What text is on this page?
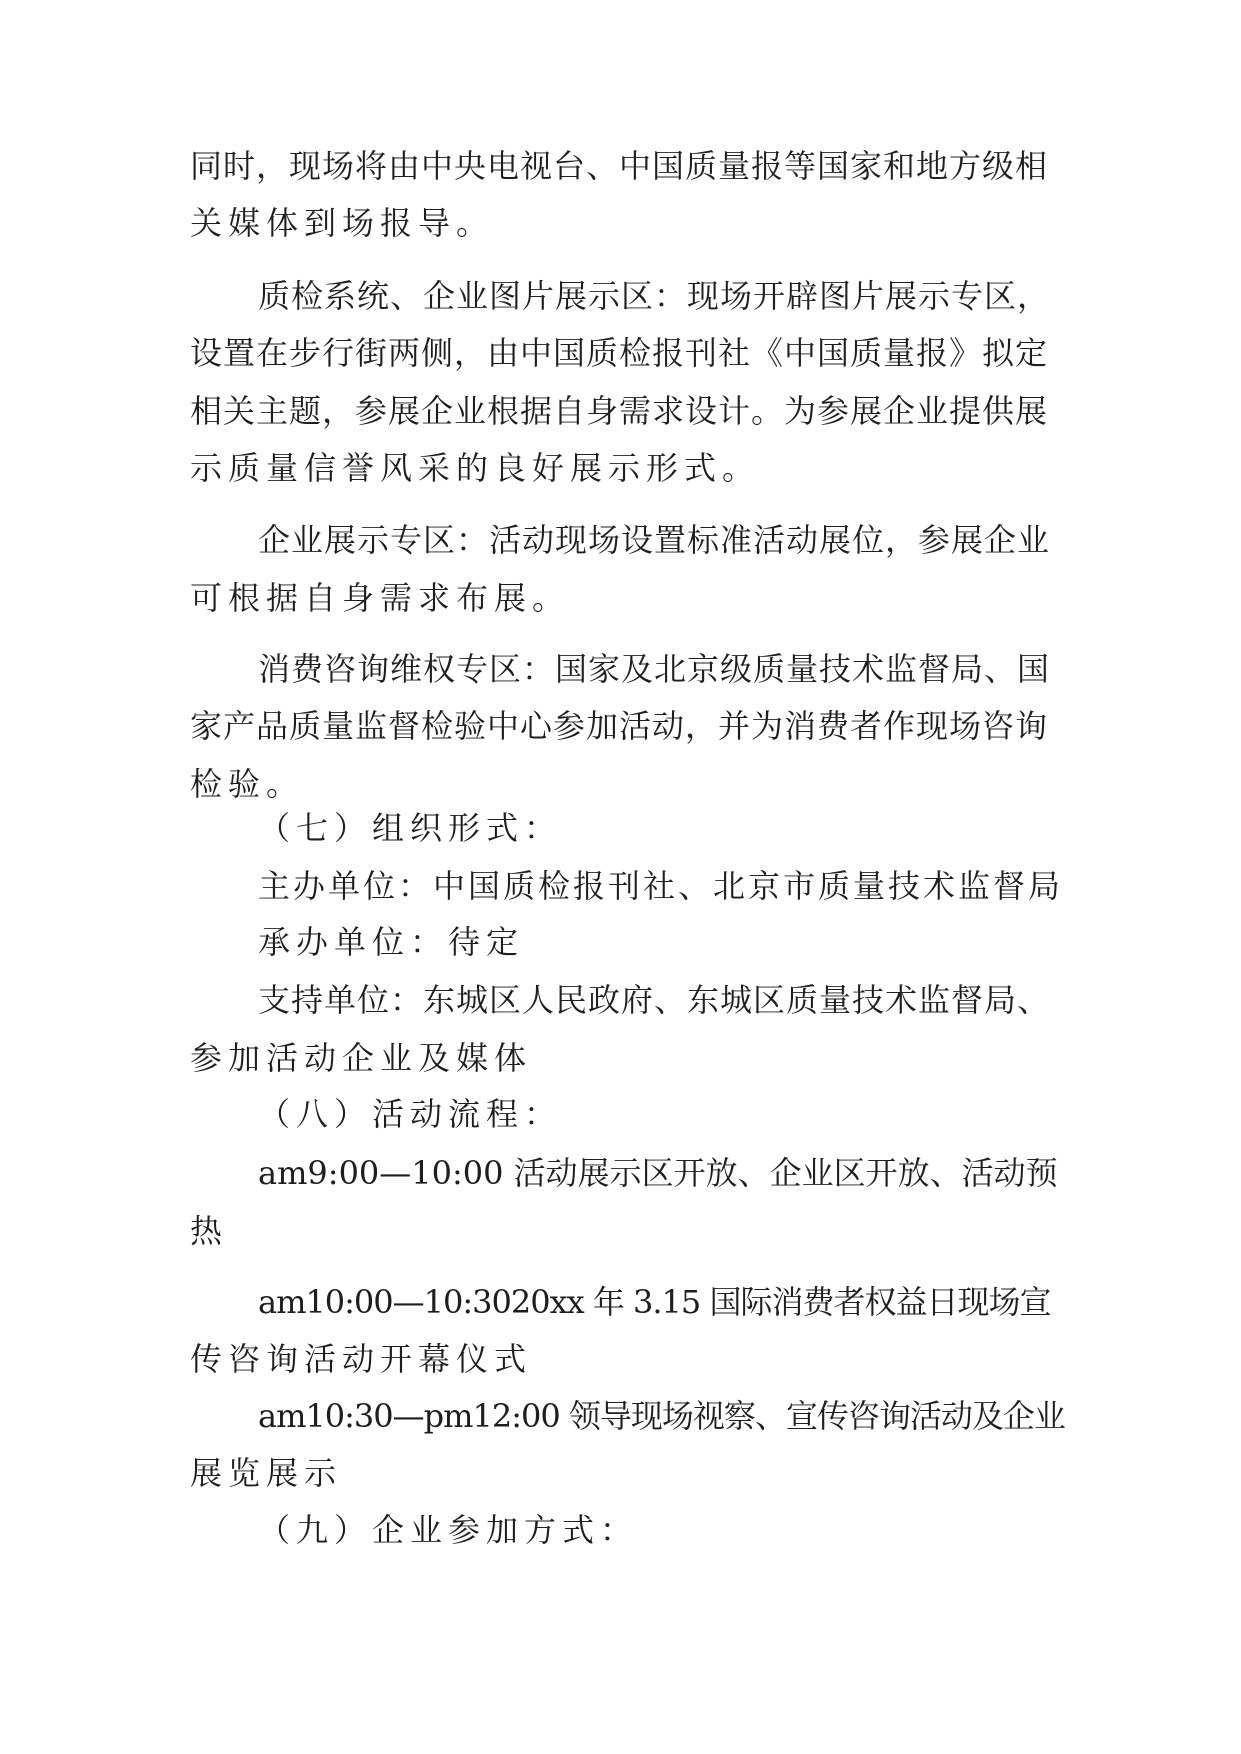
同时，现场将由中央电视台、中国质量报等国家和地方级相
关媒体到场报导。
质检系统、企业图片展示区：现场开辟图片展示专区，
设置在步行街两侧，由中国质检报刊社《中国质量报》拟定
相关主题，参展企业根据自身需求设计。为参展企业提供展
示质量信誉风采的良好展示形式。
企业展示专区：活动现场设置标准活动展位，参展企业
可根据自身需求布展。
消费咨询维权专区：国家及北京级质量技术监督局、国
家产品质量监督检验中心参加活动，并为消费者作现场咨询
检验。
（七）组织形式：
主办单位：中国质检报刊社、北京市质量技术监督局
承办单位：待定
支持单位：东城区人民政府、东城区质量技术监督局、
参加活动企业及媒体
（八）活动流程：
am9:00—10:00 活动展示区开放、企业区开放、活动预
热
am10:00—10:3020xx 年 3.15 国际消费者权益日现场宣
传咨询活动开幕仪式
am10:30—pm12:00 领导现场视察、宣传咨询活动及企业
展览展示
（九）企业参加方式：
